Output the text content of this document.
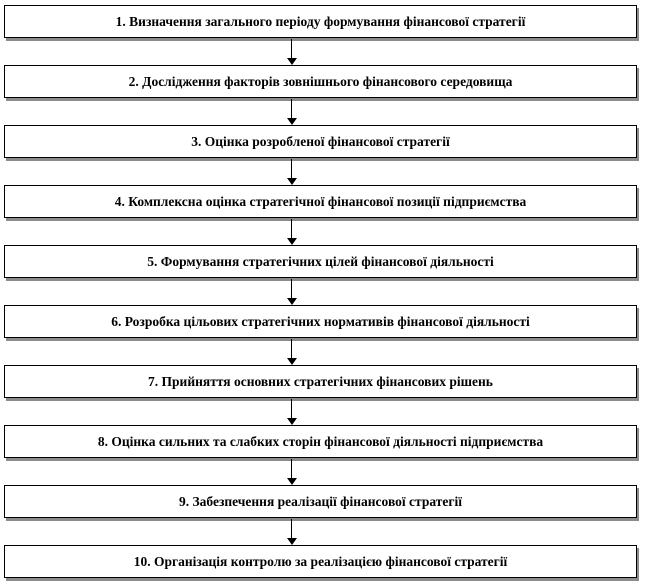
1. Визначення загального періоду формування фінансової стратегії
2. Дослідження факторів зовнішнього фінансового середовища
3. Оцінка розробленої фінансової стратегії
4. Комплексна оцінка стратегічної фінансової позиції підприємства
5. Формування стратегічних цілей фінансової діяльності
6. Розробка цільових стратегічних нормативів фінансової діяльності
7. Прийняття основних стратегічних фінансових рішень
8. Оцінка сильних та слабких сторін фінансової діяльності підприємства
9. Забезпечення реалізації фінансової стратегії
10. Організація контролю за реалізацією фінансової стратегії
